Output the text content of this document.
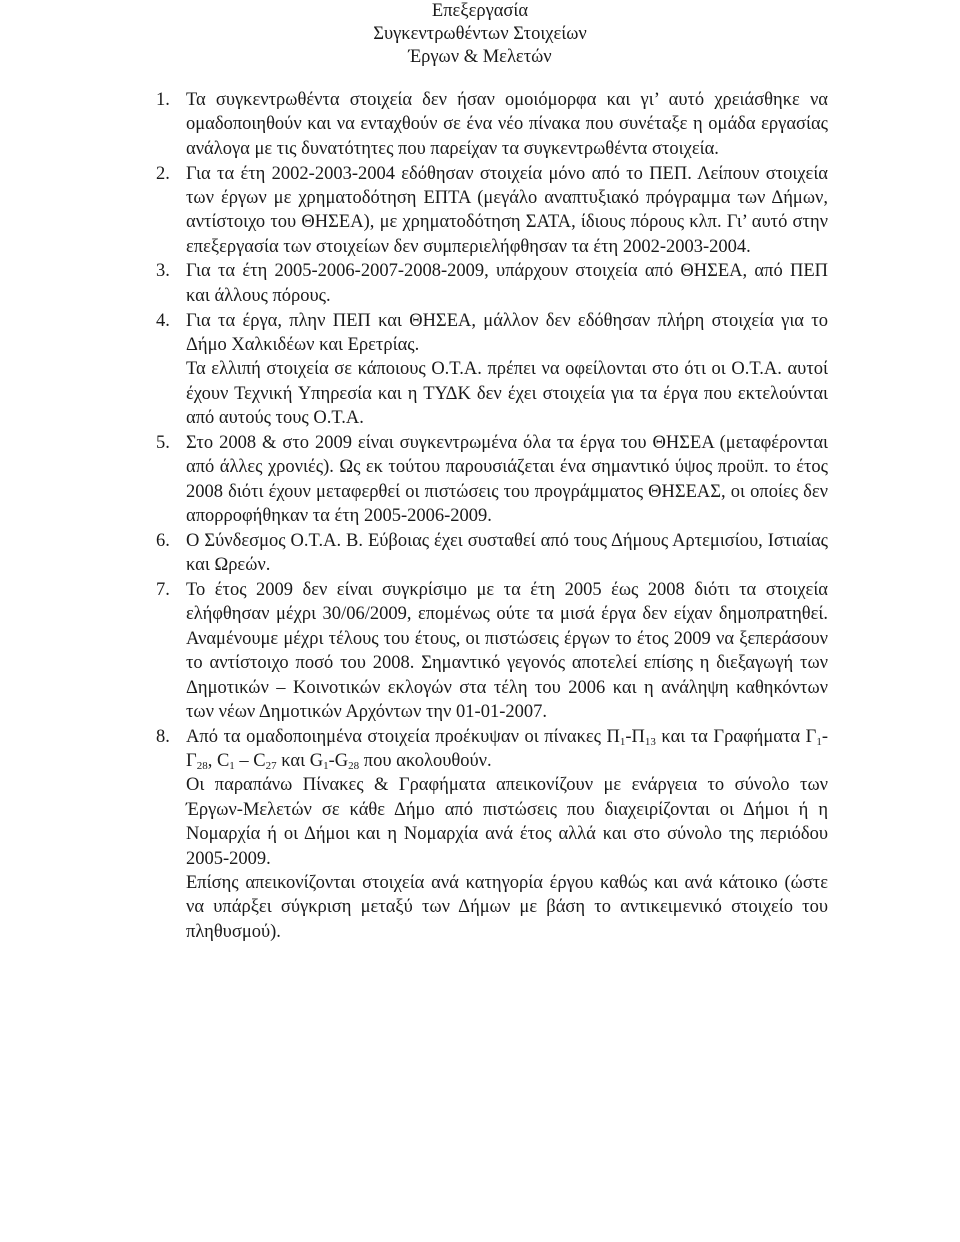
Επεξεργασία
Συγκεντρωθέντων Στοιχείων
Έργων & Μελετών
1. Τα συγκεντρωθέντα στοιχεία δεν ήσαν ομοιόμορφα και γι’ αυτό χρειάσθηκε να ομαδοποιηθούν και να ενταχθούν σε ένα νέο πίνακα που συνέταξε η ομάδα εργασίας ανάλογα με τις δυνατότητες που παρείχαν τα συγκεντρωθέντα στοιχεία.
2. Για τα έτη 2002-2003-2004 εδόθησαν στοιχεία μόνο από το ΠΕΠ. Λείπουν στοιχεία των έργων με χρηματοδότηση ΕΠΤΑ (μεγάλο αναπτυξιακό πρόγραμμα των Δήμων, αντίστοιχο του ΘΗΣΕΑ), με χρηματοδότηση ΣΑΤΑ, ίδιους πόρους κλπ. Γι’ αυτό στην επεξεργασία των στοιχείων δεν συμπεριελήφθησαν τα έτη 2002-2003-2004.
3. Για τα έτη 2005-2006-2007-2008-2009, υπάρχουν στοιχεία από ΘΗΣΕΑ, από ΠΕΠ και άλλους πόρους.
4. Για τα έργα, πλην ΠΕΠ και ΘΗΣΕΑ, μάλλον δεν εδόθησαν πλήρη στοιχεία για το Δήμο Χαλκιδέων και Ερετρίας.
Τα ελλιπή στοιχεία σε κάποιους Ο.Τ.Α. πρέπει να οφείλονται στο ότι οι Ο.Τ.Α. αυτοί έχουν Τεχνική Υπηρεσία και η ΤΥΔΚ δεν έχει στοιχεία για τα έργα που εκτελούνται από αυτούς τους Ο.Τ.Α.
5. Στο 2008 & στο 2009 είναι συγκεντρωμένα όλα τα έργα του ΘΗΣΕΑ (μεταφέρονται από άλλες χρονιές). Ως εκ τούτου παρουσιάζεται ένα σημαντικό ύψος προϋπ. το έτος 2008 διότι έχουν μεταφερθεί οι πιστώσεις του προγράμματος ΘΗΣΕΑΣ, οι οποίες δεν απορροφήθηκαν τα έτη 2005-2006-2009.
6. Ο Σύνδεσμος Ο.Τ.Α. Β. Εύβοιας έχει συσταθεί από τους Δήμους Αρτεμισίου, Ιστιαίας και Ωρεών.
7. Το έτος 2009 δεν είναι συγκρίσιμο με τα έτη 2005 έως 2008 διότι τα στοιχεία ελήφθησαν μέχρι 30/06/2009, επομένως ούτε τα μισά έργα δεν είχαν δημοπρατηθεί. Αναμένουμε μέχρι τέλους του έτους, οι πιστώσεις έργων το έτος 2009 να ξεπεράσουν το αντίστοιχο ποσό του 2008. Σημαντικό γεγονός αποτελεί επίσης η διεξαγωγή των Δημοτικών – Κοινοτικών εκλογών στα τέλη του 2006 και η ανάληψη καθηκόντων των νέων Δημοτικών Αρχόντων την 01-01-2007.
8. Από τα ομαδοποιημένα στοιχεία προέκυψαν οι πίνακες $\Pi_1-\Pi_{13}$ και τα Γραφήματα $\Gamma_1-\Gamma_{28}$, $C_1 - C_{27}$ και $G_1-G_{28}$ που ακολουθούν.
Οι παραπάνω Πίνακες & Γραφήματα απεικονίζουν με ενάργεια το σύνολο των Έργων-Μελετών σε κάθε Δήμο από πιστώσεις που διαχειρίζονται οι Δήμοι ή η Νομαρχία ή οι Δήμοι και η Νομαρχία ανά έτος αλλά και στο σύνολο της περιόδου 2005-2009.
Επίσης απεικονίζονται στοιχεία ανά κατηγορία έργου καθώς και ανά κάτοικο (ώστε να υπάρξει σύγκριση μεταξύ των Δήμων με βάση το αντικειμενικό στοιχείο του πληθυσμού).
